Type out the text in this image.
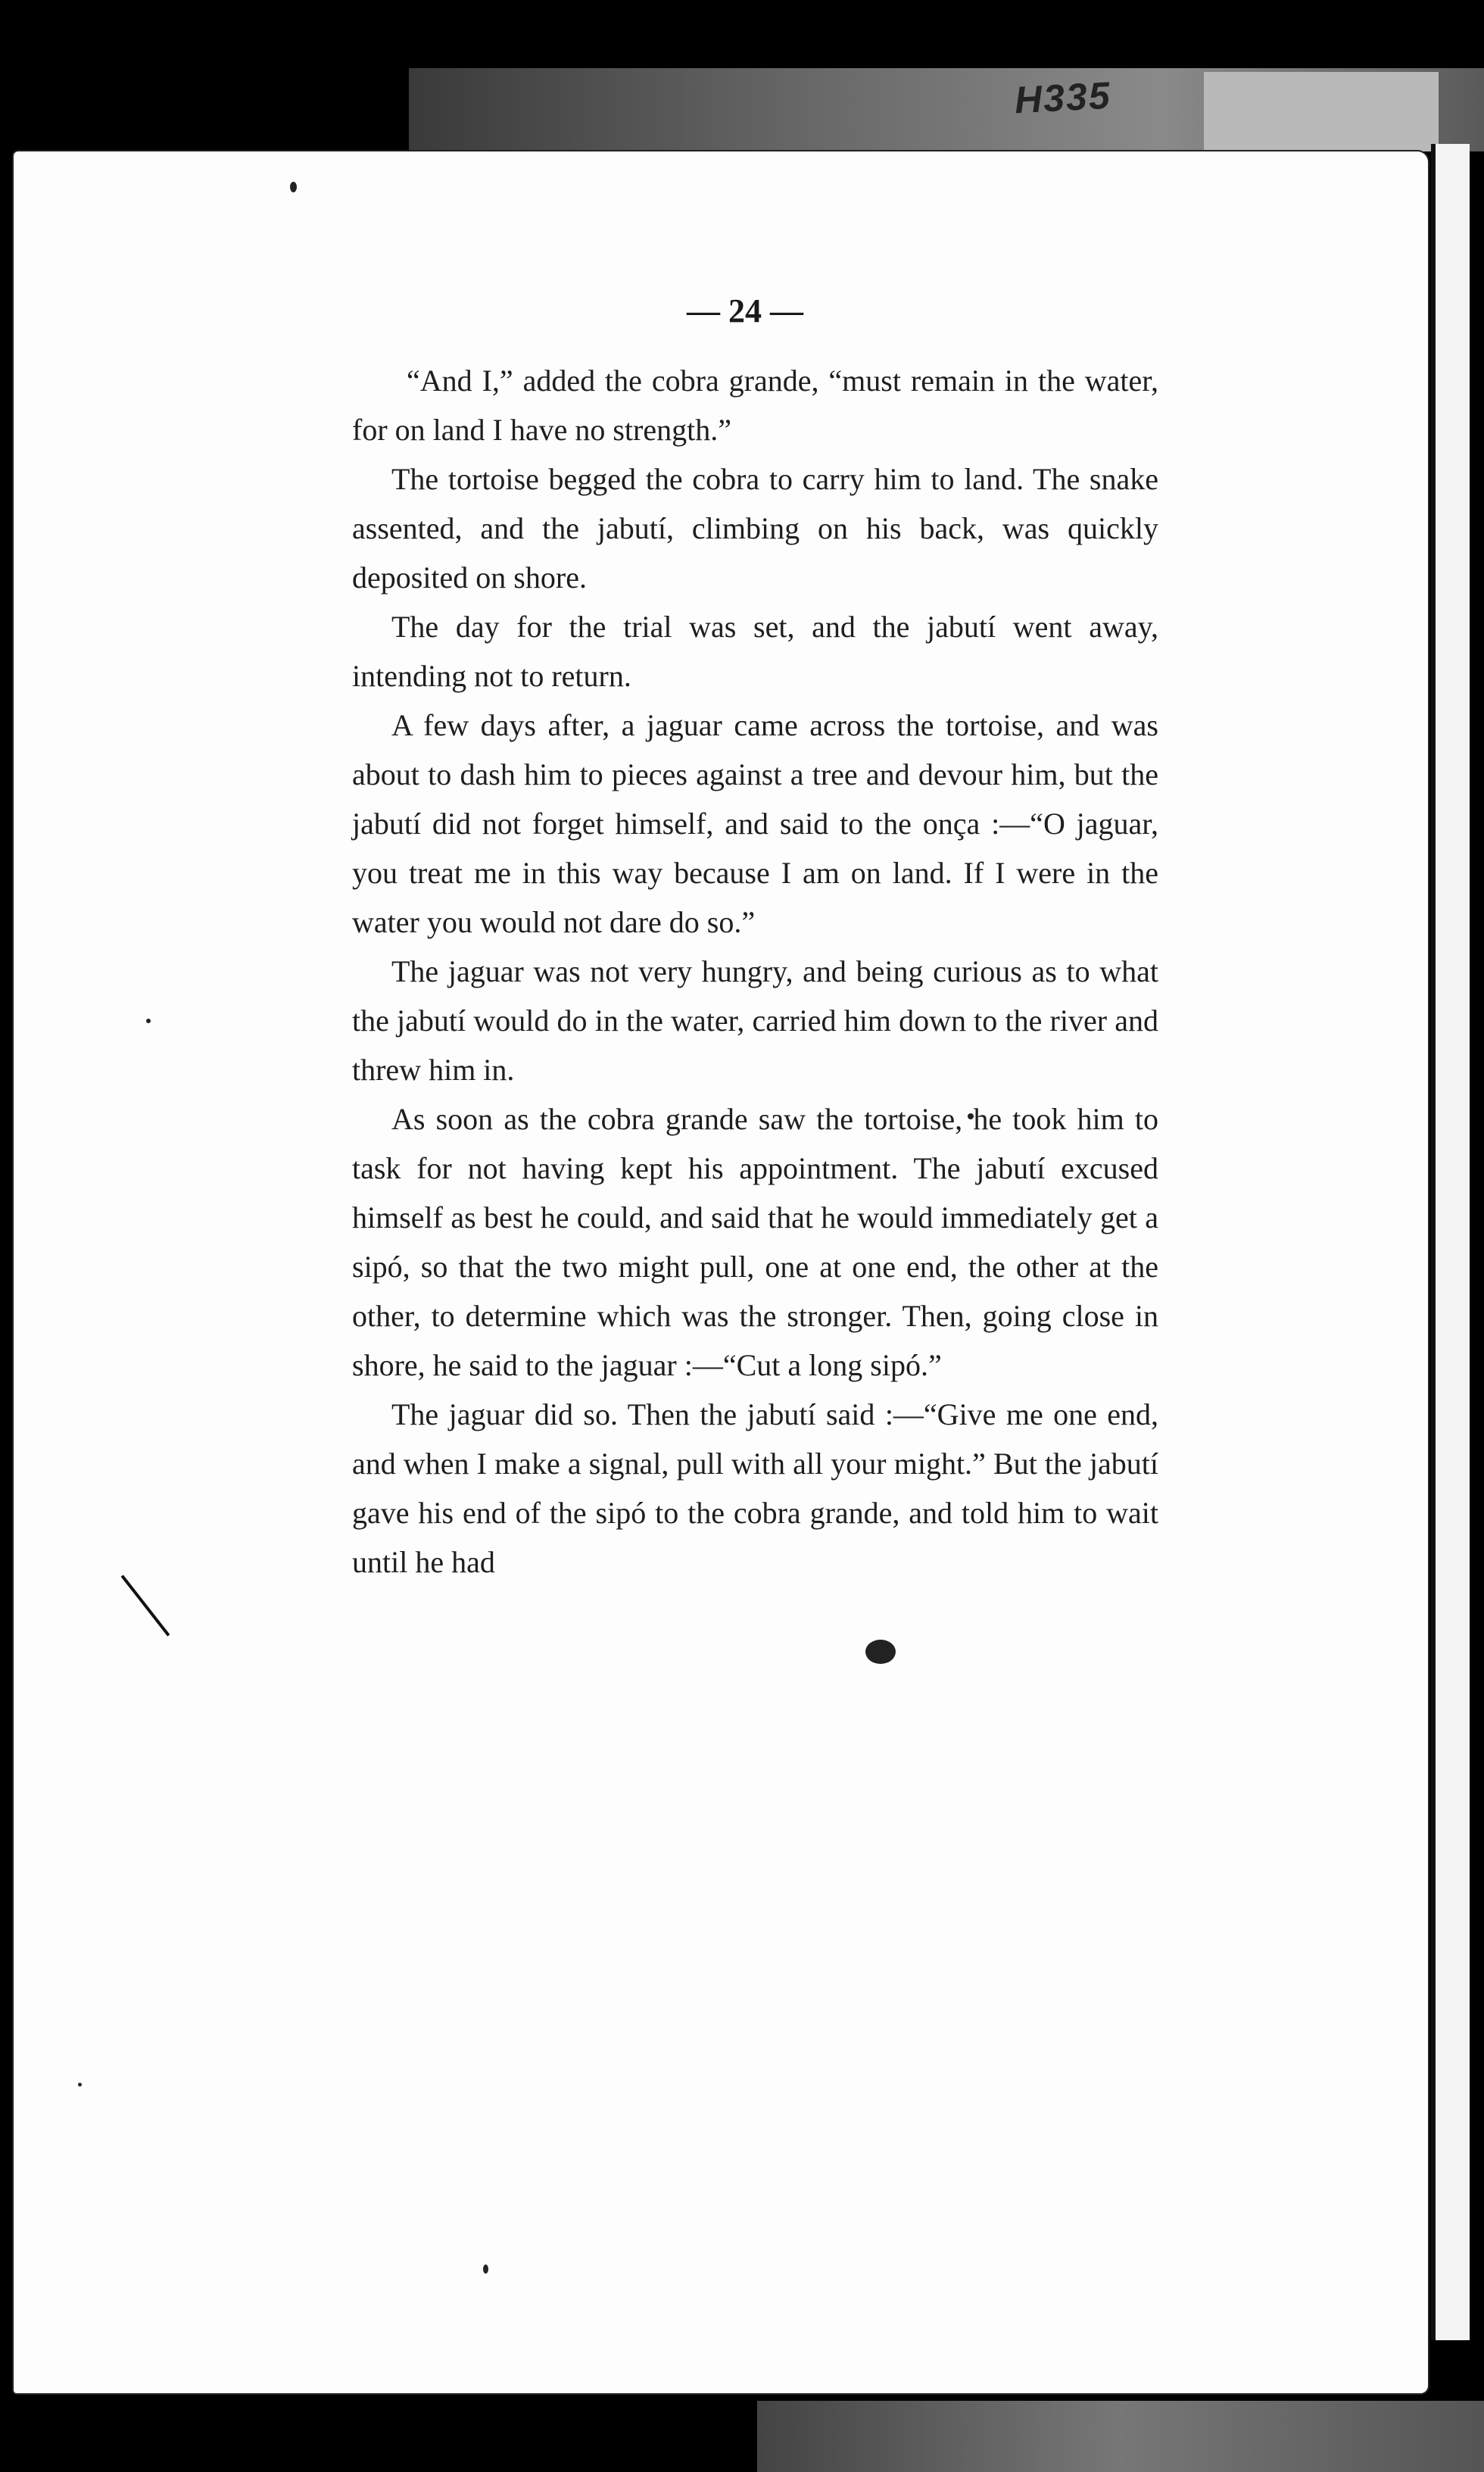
H335
— 24 —

“And I,” added the cobra grande, “must remain in the water, for on land I have no strength.”

The tortoise begged the cobra to carry him to land. The snake assented, and the jabutí, climbing on his back, was quickly deposited on shore.

The day for the trial was set, and the jabutí went away, intending not to return.

A few days after, a jaguar came across the tortoise, and was about to dash him to pieces against a tree and devour him, but the jabutí did not forget himself, and said to the onça :—“O jaguar, you treat me in this way because I am on land. If I were in the water you would not dare do so.”

The jaguar was not very hungry, and being curious as to what the jabutí would do in the water, carried him down to the river and threw him in.

As soon as the cobra grande saw the tortoise, he took him to task for not having kept his appointment. The jabutí excused himself as best he could, and said that he would immediately get a sipó, so that the two might pull, one at one end, the other at the other, to determine which was the stronger. Then, going close in shore, he said to the jaguar :—“Cut a long sipó.”

The jaguar did so. Then the jabutí said :—“Give me one end, and when I make a signal, pull with all your might.” But the jabutí gave his end of the sipó to the cobra grande, and told him to wait until he had
